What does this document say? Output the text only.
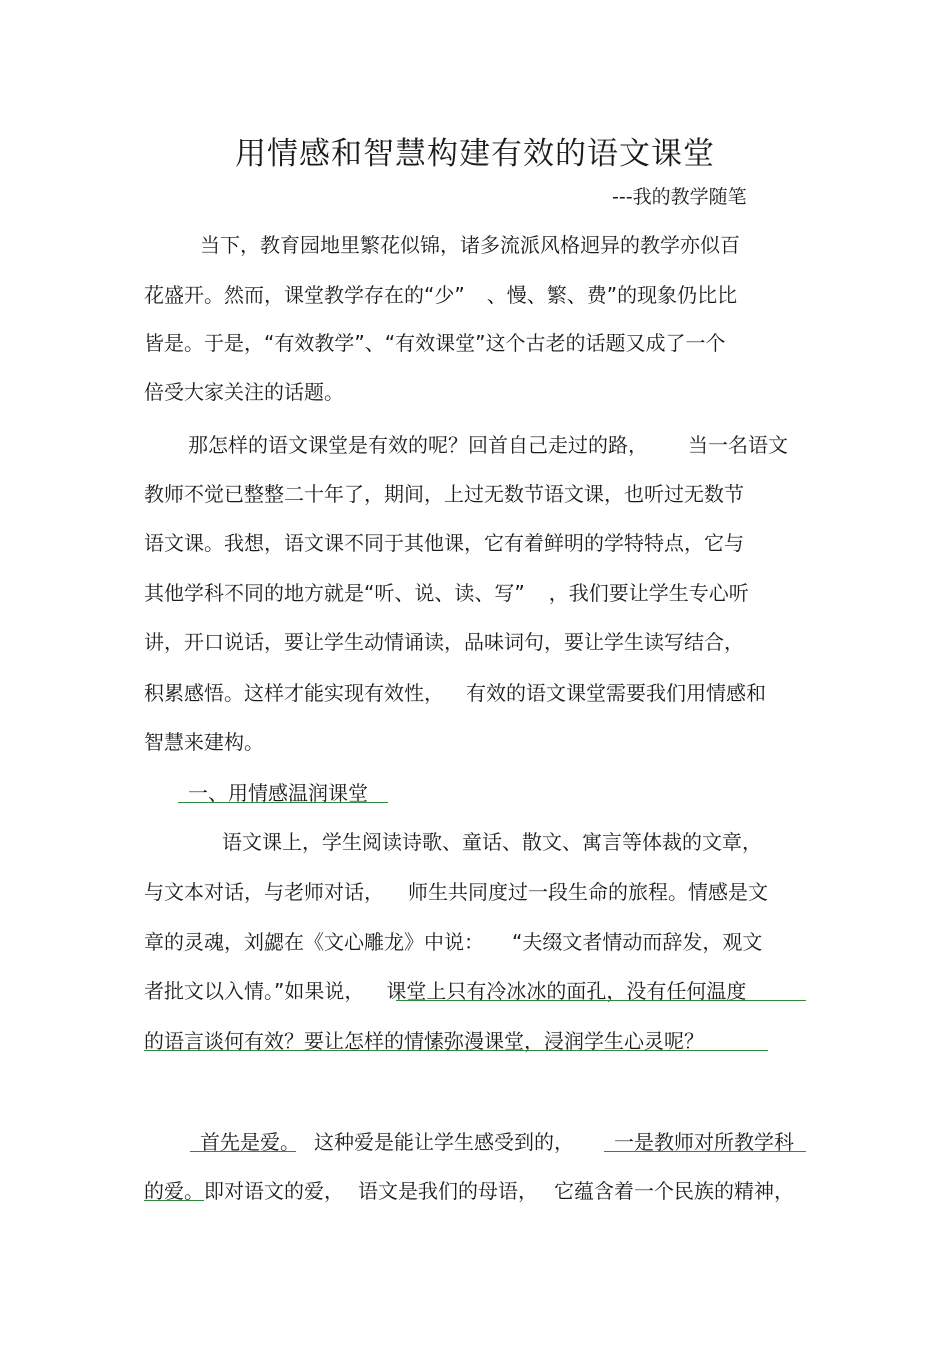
用情感和智慧构建有效的语文课堂
---我的教学随笔
当下，教育园地里繁花似锦，诸多流派风格迥异的教学亦似百
花盛开。然而，课堂教学存在的“少” 、慢、繁、费”的现象仍比比
皆是。于是，“有效教学”、“有效课堂”这个古老的话题又成了一个
倍受大家关注的话题。
那怎样的语文课堂是有效的呢？回首自己走过的路， 当一名语文
教师不觉已整整二十年了，期间，上过无数节语文课，也听过无数节
语文课。我想，语文课不同于其他课，它有着鲜明的学特特点，它与
其他学科不同的地方就是“听、说、读、写” ，我们要让学生专心听
讲，开口说话，要让学生动情诵读，品味词句，要让学生读写结合，
积累感悟。这样才能实现有效性， 有效的语文课堂需要我们用情感和
智慧来建构。
一、用情感温润课堂
语文课上，学生阅读诗歌、童话、散文、寓言等体裁的文章，
与文本对话，与老师对话， 师生共同度过一段生命的旅程。情感是文
章的灵魂，刘勰在《文心雕龙》中说： “夫缀文者情动而辞发，观文
者批文以入情。”如果说， 课堂上只有冷冰冰的面孔，没有任何温度
的语言谈何有效？要让怎样的情愫弥漫课堂，浸润学生心灵呢？
首先是爱。 这种爱是能让学生感受到的， 一是教师对所教学科
的爱。即对语文的爱， 语文是我们的母语， 它蕴含着一个民族的精神，
